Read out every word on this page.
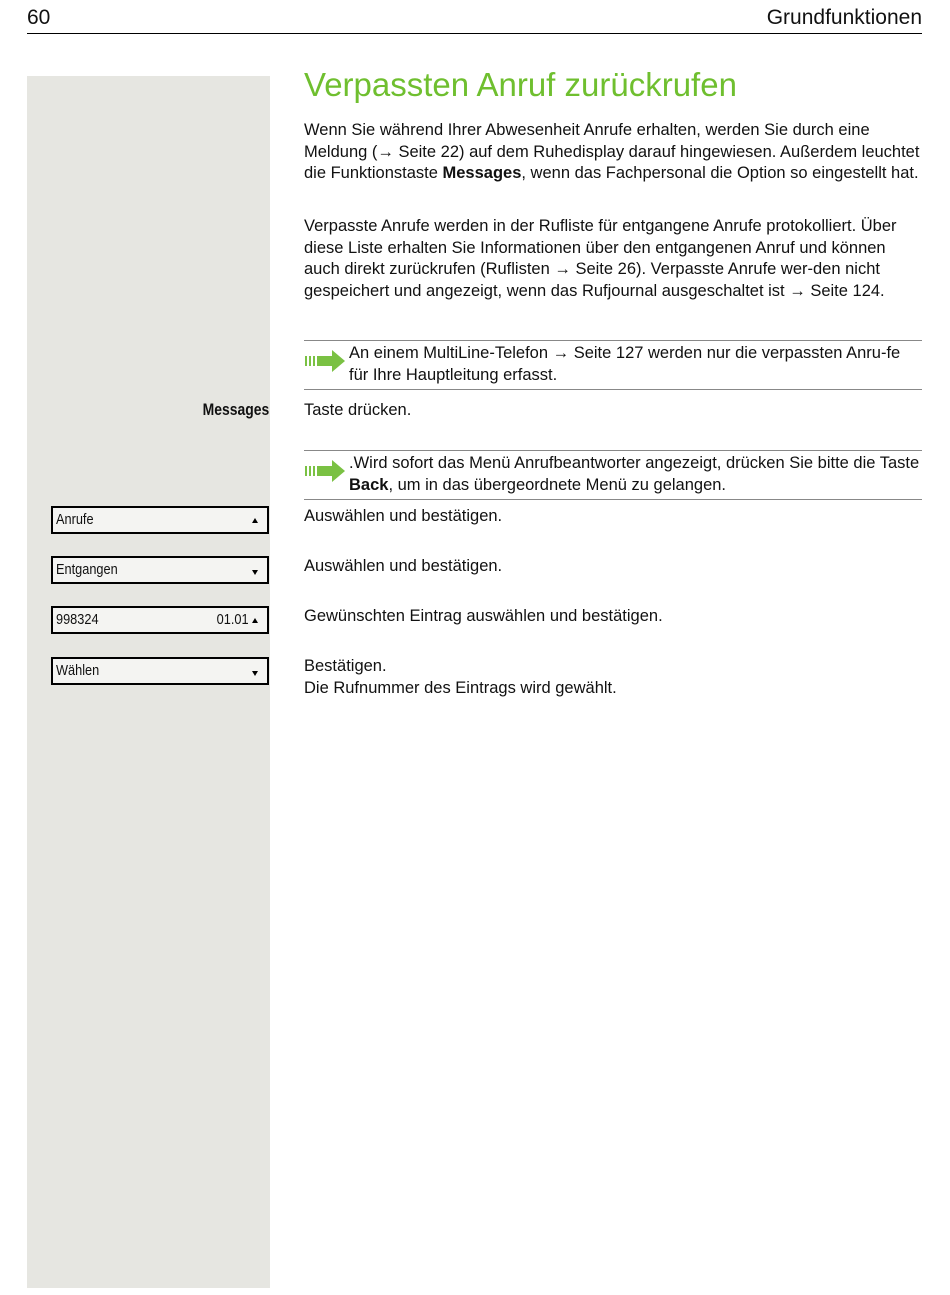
60	Grundfunktionen
Verpassten Anruf zurückrufen

Wenn Sie während Ihrer Abwesenheit Anrufe erhalten, werden Sie durch eine Meldung (→ Seite 22) auf dem Ruhedisplay darauf hingewiesen. Außerdem leuchtet die Funktionstaste Messages, wenn das Fachpersonal die Option so eingestellt hat.

Verpasste Anrufe werden in der Rufliste für entgangene Anrufe protokolliert. Über diese Liste erhalten Sie Informationen über den entgangenen Anruf und können auch direkt zurückrufen (Ruflisten → Seite 26). Verpasste Anrufe wer-den nicht gespeichert und angezeigt, wenn das Rufjournal ausgeschaltet ist → Seite 124.

An einem MultiLine-Telefon → Seite 127 werden nur die verpassten Anru-fe für Ihre Hauptleitung erfasst.
Messages Taste drücken.
.Wird sofort das Menü Anrufbeantworter angezeigt, drücken Sie bitte die Taste Back, um in das übergeordnete Menü zu gelangen.
Anrufe	Auswählen und bestätigen.
Entgangen	Auswählen und bestätigen.
998324	01.01	Gewünschten Eintrag auswählen und bestätigen.
Wählen	Bestätigen.
Die Rufnummer des Eintrags wird gewählt.
